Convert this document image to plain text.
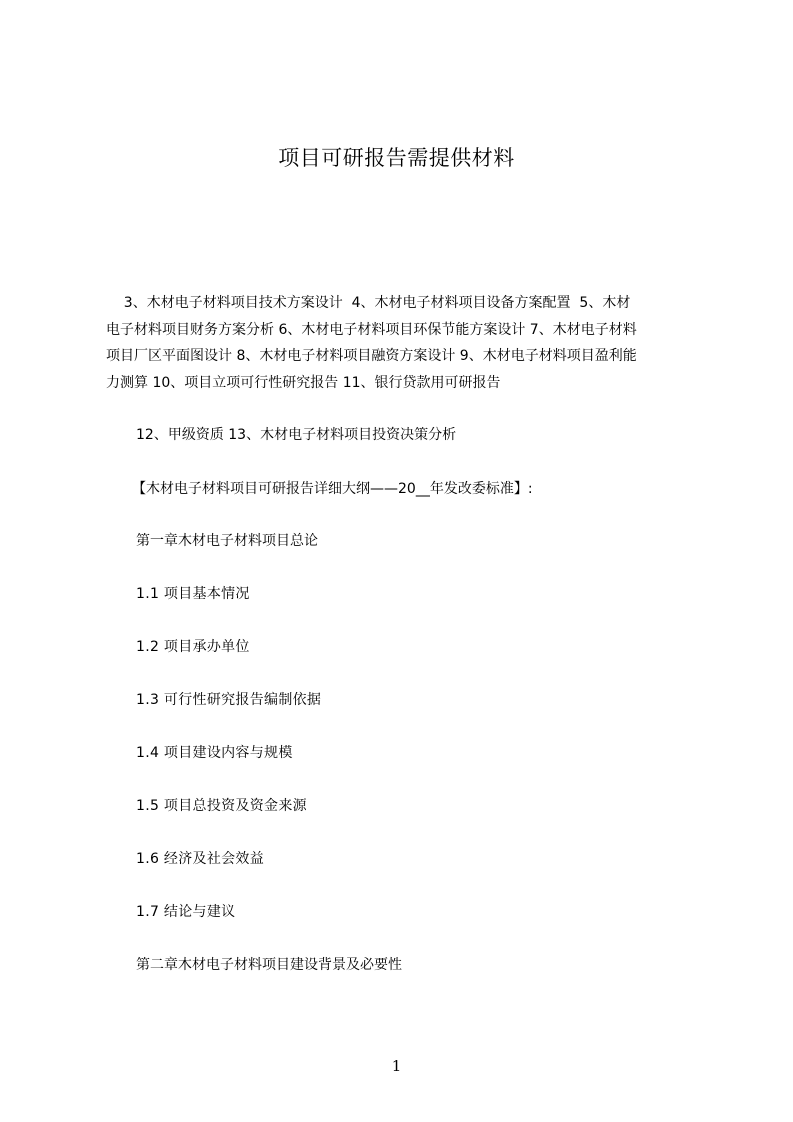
项目可研报告需提供材料
3、木材电子材料项目技术方案设计  4、木材电子材料项目设备方案配置  5、木材
电子材料项目财务方案分析 6、木材电子材料项目环保节能方案设计 7、木材电子材料
项目厂区平面图设计 8、木材电子材料项目融资方案设计 9、木材电子材料项目盈利能
力测算 10、项目立项可行性研究报告 11、银行贷款用可研报告
12、甲级资质 13、木材电子材料项目投资决策分析
【木材电子材料项目可研报告详细大纲——20__年发改委标准】:
第一章木材电子材料项目总论
1.1 项目基本情况
1.2 项目承办单位
1.3 可行性研究报告编制依据
1.4 项目建设内容与规模
1.5 项目总投资及资金来源
1.6 经济及社会效益
1.7 结论与建议
第二章木材电子材料项目建设背景及必要性
1
